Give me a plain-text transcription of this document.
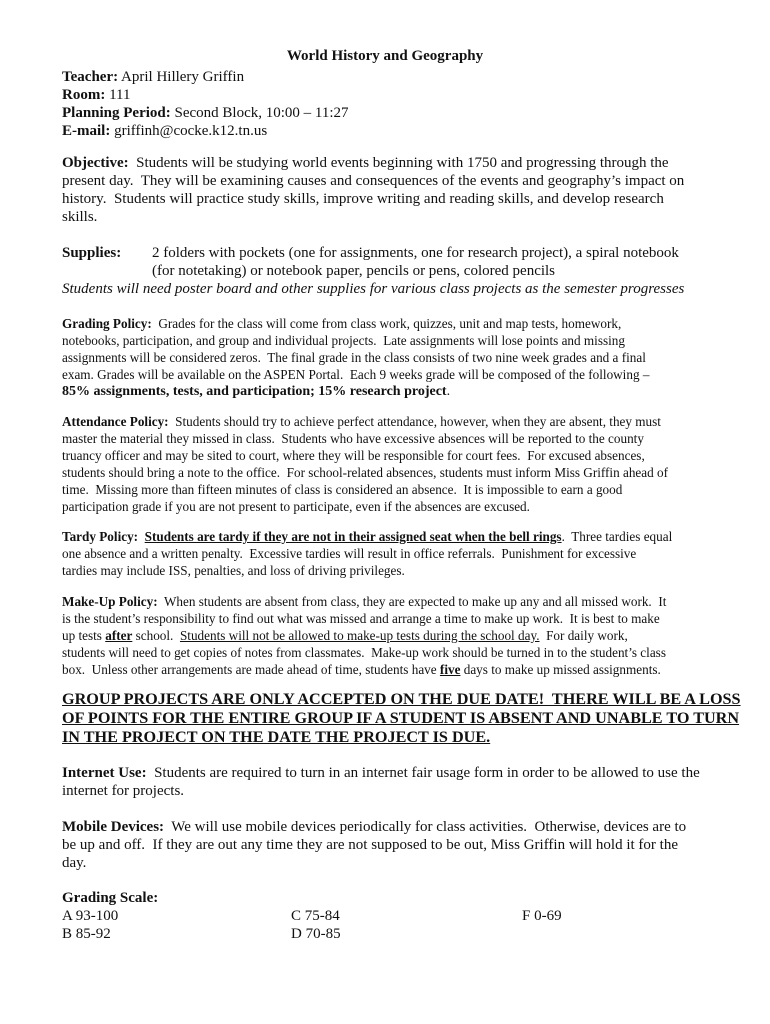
World History and Geography
Teacher: April Hillery Griffin
Room: 111
Planning Period: Second Block, 10:00 – 11:27
E-mail: griffinh@cocke.k12.tn.us
Objective:  Students will be studying world events beginning with 1750 and progressing through the
present day.  They will be examining causes and consequences of the events and geography’s impact on
history.  Students will practice study skills, improve writing and reading skills, and develop research
skills.
Supplies: 2 folders with pockets (one for assignments, one for research project), a spiral notebook
(for notetaking) or notebook paper, pencils or pens, colored pencils
Students will need poster board and other supplies for various class projects as the semester progresses
Grading Policy:  Grades for the class will come from class work, quizzes, unit and map tests, homework,
notebooks, participation, and group and individual projects.  Late assignments will lose points and missing
assignments will be considered zeros.  The final grade in the class consists of two nine week grades and a final
exam. Grades will be available on the ASPEN Portal.  Each 9 weeks grade will be composed of the following –
85% assignments, tests, and participation; 15% research project.
Attendance Policy:  Students should try to achieve perfect attendance, however, when they are absent, they must
master the material they missed in class.  Students who have excessive absences will be reported to the county
truancy officer and may be sited to court, where they will be responsible for court fees.  For excused absences,
students should bring a note to the office.  For school-related absences, students must inform Miss Griffin ahead of
time.  Missing more than fifteen minutes of class is considered an absence.  It is impossible to earn a good
participation grade if you are not present to participate, even if the absences are excused.
Tardy Policy: Students are tardy if they are not in their assigned seat when the bell rings.  Three tardies equal
one absence and a written penalty.  Excessive tardies will result in office referrals.  Punishment for excessive
tardies may include ISS, penalties, and loss of driving privileges.
Make-Up Policy:  When students are absent from class, they are expected to make up any and all missed work.  It
is the student’s responsibility to find out what was missed and arrange a time to make up work.  It is best to make
up tests after school.  Students will not be allowed to make-up tests during the school day.  For daily work,
students will need to get copies of notes from classmates.  Make-up work should be turned in to the student’s class
box.  Unless other arrangements are made ahead of time, students have five days to make up missed assignments.
GROUP PROJECTS ARE ONLY ACCEPTED ON THE DUE DATE!  THERE WILL BE A LOSS
OF POINTS FOR THE ENTIRE GROUP IF A STUDENT IS ABSENT AND UNABLE TO TURN
IN THE PROJECT ON THE DATE THE PROJECT IS DUE.
Internet Use:  Students are required to turn in an internet fair usage form in order to be allowed to use the
internet for projects.
Mobile Devices:  We will use mobile devices periodically for class activities.  Otherwise, devices are to
be up and off.  If they are out any time they are not supposed to be out, Miss Griffin will hold it for the
day.
Grading Scale:
A 93-100
B 85-92
C 75-84
D 70-85
F 0-69
